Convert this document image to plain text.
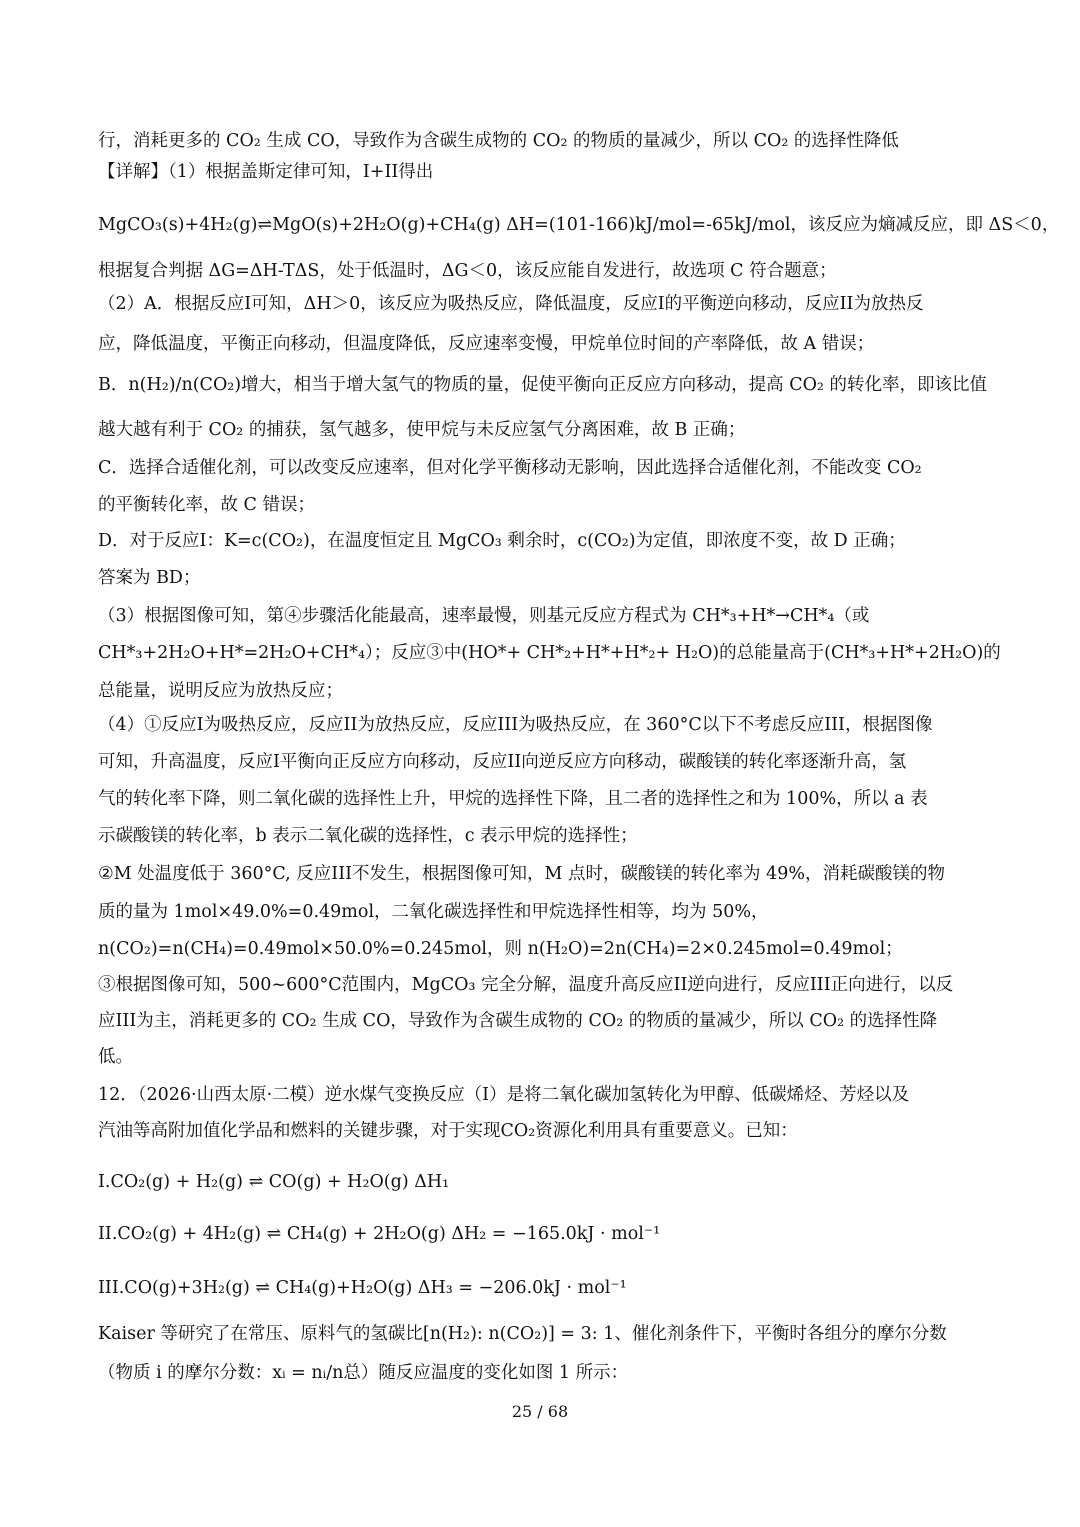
行，消耗更多的 CO₂ 生成 CO，导致作为含碳生成物的 CO₂ 的物质的量减少，所以 CO₂ 的选择性降低
【详解】（1）根据盖斯定律可知，I+II得出
MgCO₃(s)+4H₂(g)⇌MgO(s)+2H₂O(g)+CH₄(g) ΔH=(101-166)kJ/mol=-65kJ/mol，该反应为熵减反应，即 ΔS＜0，
根据复合判据 ΔG=ΔH-TΔS，处于低温时，ΔG＜0，该反应能自发进行，故选项 C 符合题意；
（2）A．根据反应I可知，ΔH＞0，该反应为吸热反应，降低温度，反应I的平衡逆向移动，反应II为放热反
应，降低温度，平衡正向移动，但温度降低，反应速率变慢，甲烷单位时间的产率降低，故 A 错误；
B．n(H₂)/n(CO₂)增大，相当于增大氢气的物质的量，促使平衡向正反应方向移动，提高 CO₂ 的转化率，即该比值
越大越有利于 CO₂ 的捕获，氢气越多，使甲烷与未反应氢气分离困难，故 B 正确；
C．选择合适催化剂，可以改变反应速率，但对化学平衡移动无影响，因此选择合适催化剂，不能改变 CO₂
的平衡转化率，故 C 错误；
D．对于反应I：K=c(CO₂)，在温度恒定且 MgCO₃ 剩余时，c(CO₂)为定值，即浓度不变，故 D 正确；
答案为 BD；
（3）根据图像可知，第④步骤活化能最高，速率最慢，则基元反应方程式为 CH*₃+H*→CH*₄（或
CH*₃+2H₂O+H*=2H₂O+CH*₄）；反应③中(HO*+ CH*₂+H*+H*₂+ H₂O)的总能量高于(CH*₃+H*+2H₂O)的
总能量，说明反应为放热反应；
（4）①反应I为吸热反应，反应II为放热反应，反应III为吸热反应，在 360°C以下不考虑反应III，根据图像
可知，升高温度，反应I平衡向正反应方向移动，反应II向逆反应方向移动，碳酸镁的转化率逐渐升高，氢
气的转化率下降，则二氧化碳的选择性上升，甲烷的选择性下降，且二者的选择性之和为 100%，所以 a 表
示碳酸镁的转化率，b 表示二氧化碳的选择性，c 表示甲烷的选择性；
②M 处温度低于 360°C, 反应III不发生，根据图像可知，M 点时，碳酸镁的转化率为 49%，消耗碳酸镁的物
质的量为 1mol×49.0%=0.49mol，二氧化碳选择性和甲烷选择性相等，均为 50%，
n(CO₂)=n(CH₄)=0.49mol×50.0%=0.245mol，则 n(H₂O)=2n(CH₄)=2×0.245mol=0.49mol；
③根据图像可知，500~600°C范围内，MgCO₃ 完全分解，温度升高反应II逆向进行，反应III正向进行，以反
应III为主，消耗更多的 CO₂ 生成 CO，导致作为含碳生成物的 CO₂ 的物质的量减少，所以 CO₂ 的选择性降
低。
12．（2026·山西太原·二模）逆水煤气变换反应（I）是将二氧化碳加氢转化为甲醇、低碳烯烃、芳烃以及
汽油等高附加值化学品和燃料的关键步骤，对于实现CO₂资源化利用具有重要意义。已知：
I.CO₂(g) + H₂(g) ⇌ CO(g) + H₂O(g) ΔH₁
II.CO₂(g) + 4H₂(g) ⇌ CH₄(g) + 2H₂O(g) ΔH₂ = −165.0kJ · mol⁻¹
III.CO(g)+3H₂(g) ⇌ CH₄(g)+H₂O(g) ΔH₃ = −206.0kJ · mol⁻¹
Kaiser 等研究了在常压、原料气的氢碳比[n(H₂): n(CO₂)] = 3: 1、催化剂条件下，平衡时各组分的摩尔分数
（物质 i 的摩尔分数：xᵢ = nᵢ/n总）随反应温度的变化如图 1 所示：
25 / 68
